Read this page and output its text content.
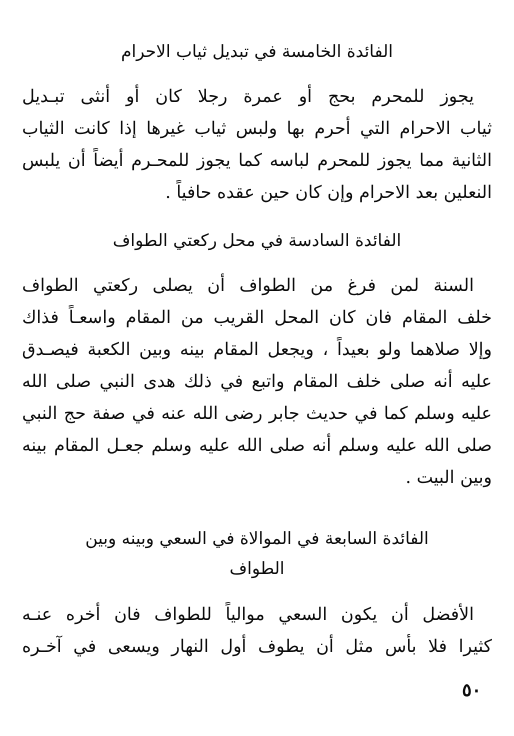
الفائدة الخامسة في تبديل ثياب الاحرام
يجوز للمحرم بحج أو عمرة رجلا كان أو أنثى تبـديل
ثياب الاحرام التي أحرم بها ولبس ثياب غيرها إذا كانت الثياب
الثانية مما يجوز للمحرم لباسه كما يجوز للمحـرم أيضاً أن يلبس
النعلين بعد الاحرام وإن كان حين عقده حافياً .
الفائدة السادسة في محل ركعتي الطواف
السنة لمن فرغ من الطواف أن يصلى ركعتي الطواف
خلف المقام فان كان المحل القريب من المقام واسعـاً فذاك
وإلا صلاهما ولو بعيداً ، ويجعل المقام بينه وبين الكعبة فيصـدق
عليه أنه صلى خلف المقام واتبع في ذلك هدى النبي صلى الله
عليه وسلم كما في حديث جابر رضى الله عنه في صفة حج النبي
صلى الله عليه وسلم أنه صلى الله عليه وسلم جعـل المقام بينه
وبين البيت .
الفائدة السابعة في الموالاة في السعي وبينه وبين
الطواف
الأفضل أن يكون السعي موالياً للطواف فان أخره عنـه
كثيرا فلا بأس مثل أن يطوف أول النهار ويسعى في آخـره
٥٠
